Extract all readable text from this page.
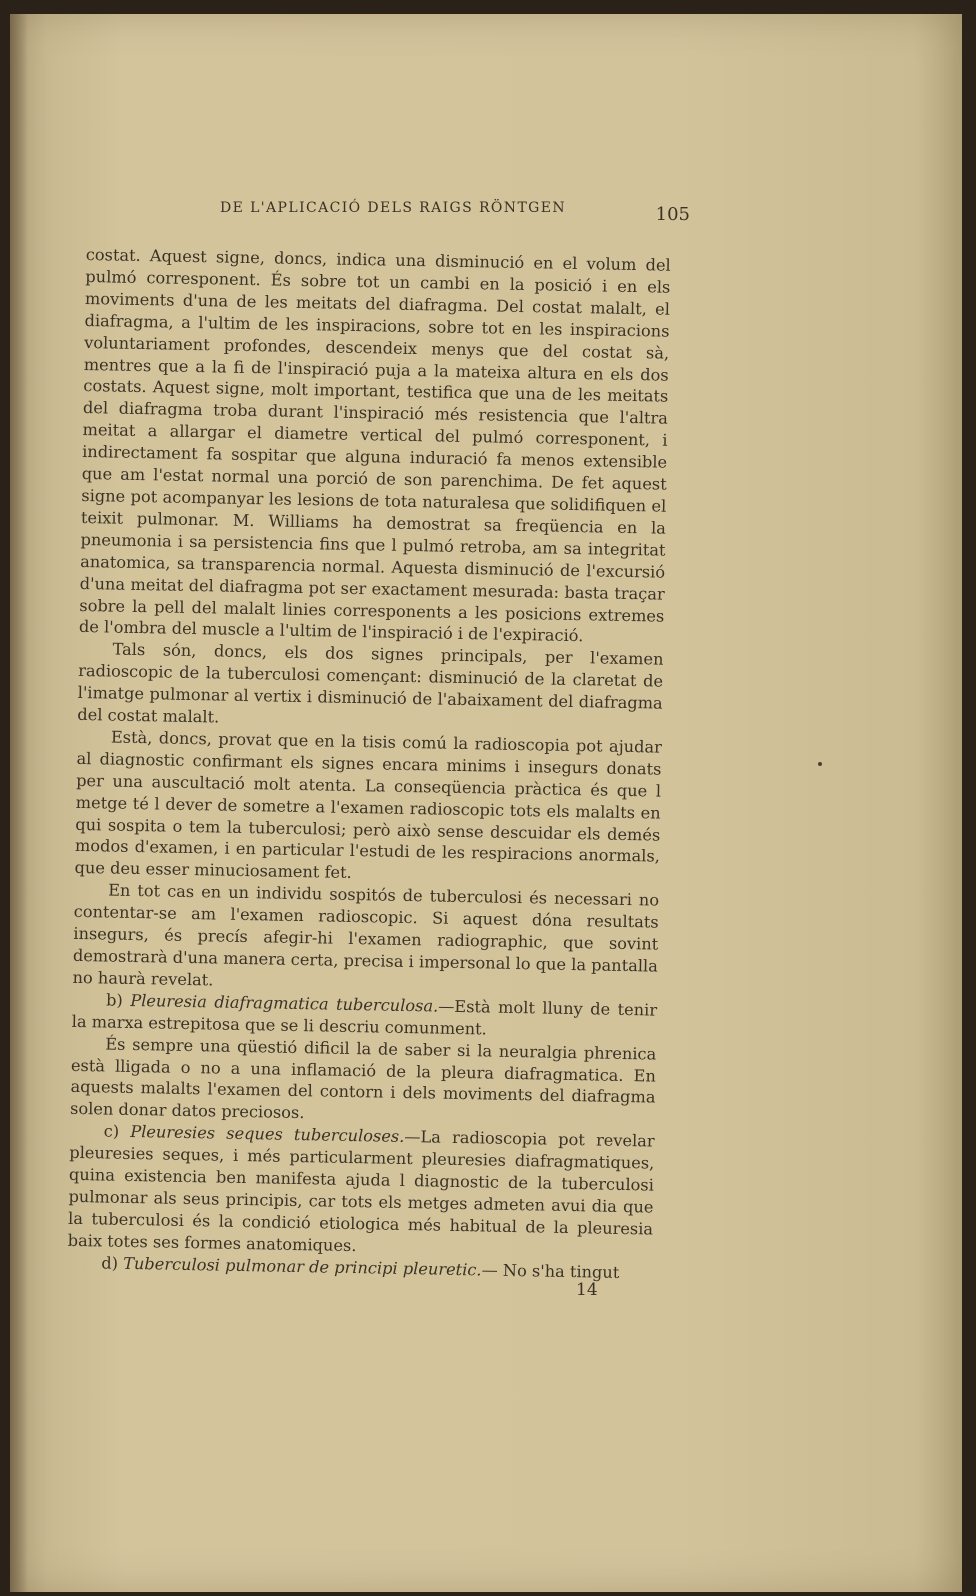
DE L'APLICACIÓ DELS RAIGS RÖNTGEN	105

costat. Aquest signe, doncs, indica una disminució en el volum del pulmó corresponent. És sobre tot un cambi en la posició i en els moviments d'una de les meitats del diafragma. Del costat malalt, el diafragma, a l'ultim de les inspiracions, sobre tot en les inspiracions voluntariament profondes, descendeix menys que del costat sà, mentres que a la fi de l'inspiració puja a la mateixa altura en els dos costats. Aquest signe, molt important, testifica que una de les meitats del diafragma troba durant l'inspiració més resistencia que l'altra meitat a allargar el diametre vertical del pulmó corresponent, i indirectament fa sospitar que alguna induració fa menos extensible que am l'estat normal una porció de son parenchima. De fet aquest signe pot acompanyar les lesions de tota naturalesa que solidifiquen el teixit pulmonar. M. Williams ha demostrat sa freqüencia en la pneumonia i sa persistencia fins que l pulmó retroba, am sa integritat anatomica, sa transparencia normal. Aquesta disminució de l'excursió d'una meitat del diafragma pot ser exactament mesurada: basta traçar sobre la pell del malalt linies corresponents a les posicions extremes de l'ombra del muscle a l'ultim de l'inspiració i de l'expiració.

Tals són, doncs, els dos signes principals, per l'examen radioscopic de la tuberculosi començant: disminució de la claretat de l'imatge pulmonar al vertix i disminució de l'abaixament del diafragma del costat malalt.

Està, doncs, provat que en la tisis comú la radioscopia pot ajudar al diagnostic confirmant els signes encara minims i insegurs donats per una auscultació molt atenta. La conseqüencia pràctica és que l metge té l dever de sometre a l'examen radioscopic tots els malalts en qui sospita o tem la tuberculosi; però això sense descuidar els demés modos d'examen, i en particular l'estudi de les respiracions anormals, que deu esser minuciosament fet.

En tot cas en un individu sospitós de tuberculosi és necessari no contentar-se am l'examen radioscopic. Si aquest dóna resultats insegurs, és precís afegir-hi l'examen radiographic, que sovint demostrarà d'una manera certa, precisa i impersonal lo que la pantalla no haurà revelat.

b) Pleuresia diafragmatica tuberculosa.—Està molt lluny de tenir la marxa estrepitosa que se li descriu comunment.

És sempre una qüestió dificil la de saber si la neuralgia phrenica està lligada o no a una inflamació de la pleura diafragmatica. En aquests malalts l'examen del contorn i dels moviments del diafragma solen donar datos preciosos.

c) Pleuresies seques tuberculoses.—La radioscopia pot revelar pleuresies seques, i més particularment pleuresies diafragmatiques, quina existencia ben manifesta ajuda l diagnostic de la tuberculosi pulmonar als seus principis, car tots els metges admeten avui dia que la tuberculosi és la condició etiologica més habitual de la pleuresia baix totes ses formes anatomiques.

d) Tuberculosi pulmonar de principi pleuretic.— No s'ha tingut

14
